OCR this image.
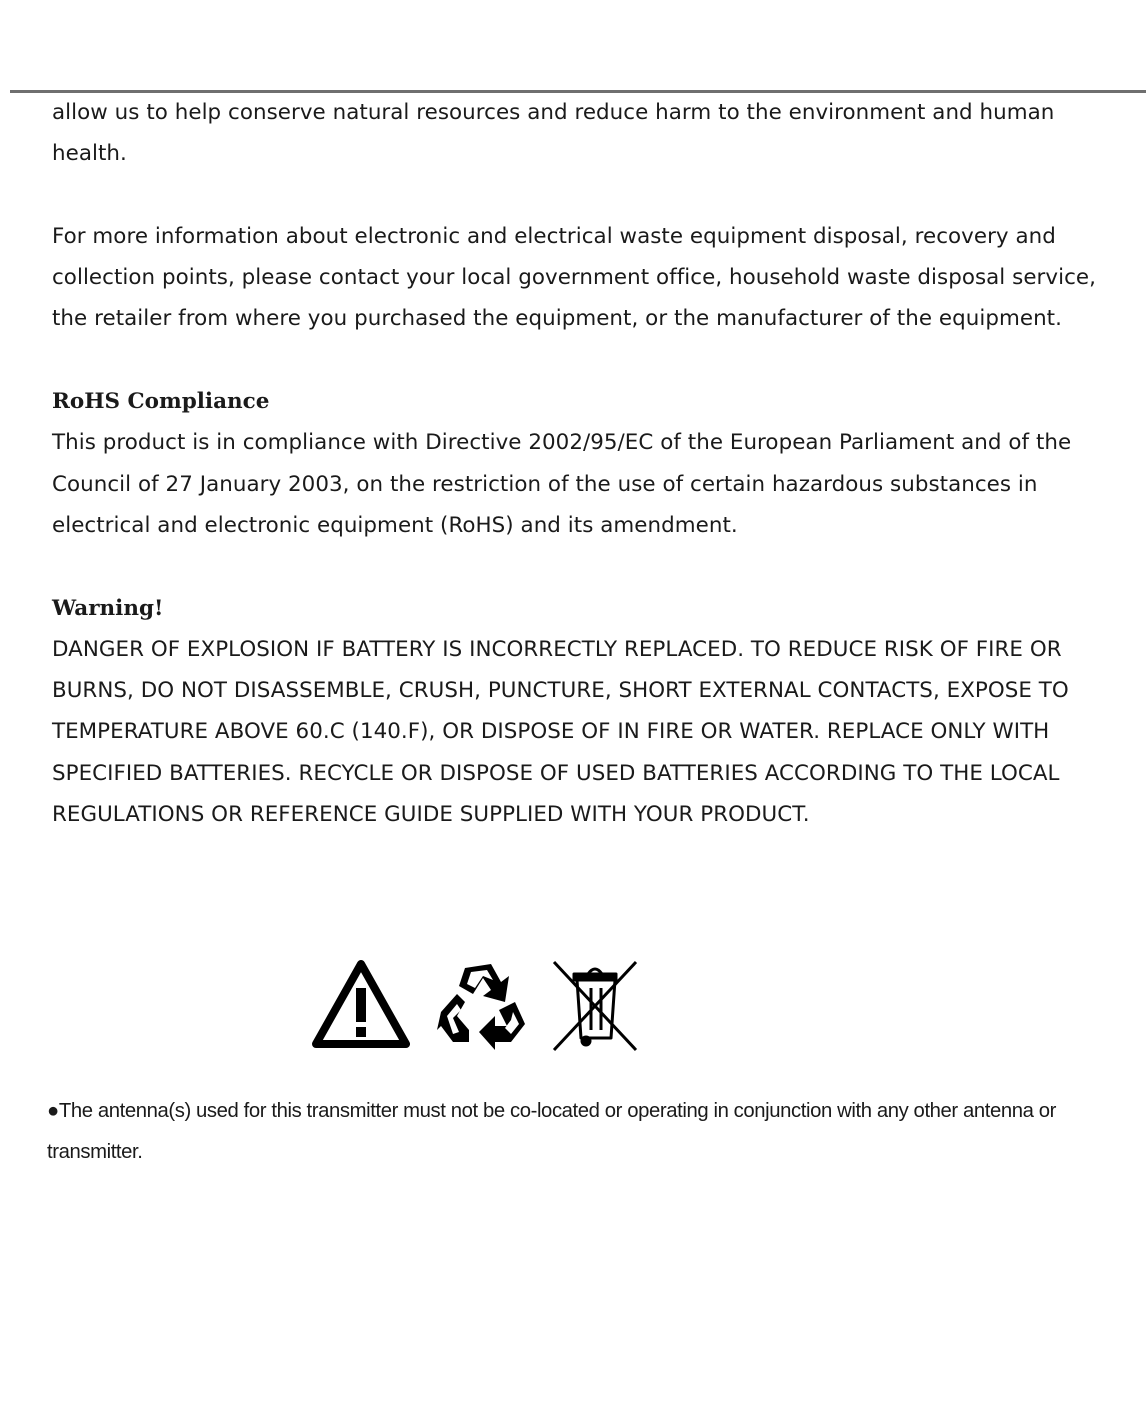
allow us to help conserve natural resources and reduce harm to the environment and human health.

For more information about electronic and electrical waste equipment disposal, recovery and collection points, please contact your local government office, household waste disposal service, the retailer from where you purchased the equipment, or the manufacturer of the equipment.

RoHS Compliance

This product is in compliance with Directive 2002/95/EC of the European Parliament and of the Council of 27 January 2003, on the restriction of the use of certain hazardous substances in electrical and electronic equipment (RoHS) and its amendment.

Warning!

DANGER OF EXPLOSION IF BATTERY IS INCORRECTLY REPLACED. TO REDUCE RISK OF FIRE OR BURNS, DO NOT DISASSEMBLE, CRUSH, PUNCTURE, SHORT EXTERNAL CONTACTS, EXPOSE TO TEMPERATURE ABOVE 60.C (140.F), OR DISPOSE OF IN FIRE OR WATER. REPLACE ONLY WITH SPECIFIED BATTERIES. RECYCLE OR DISPOSE OF USED BATTERIES ACCORDING TO THE LOCAL REGULATIONS OR REFERENCE GUIDE SUPPLIED WITH YOUR PRODUCT.

●The antenna(s) used for this transmitter must not be co-located or operating in conjunction with any other antenna or transmitter.
